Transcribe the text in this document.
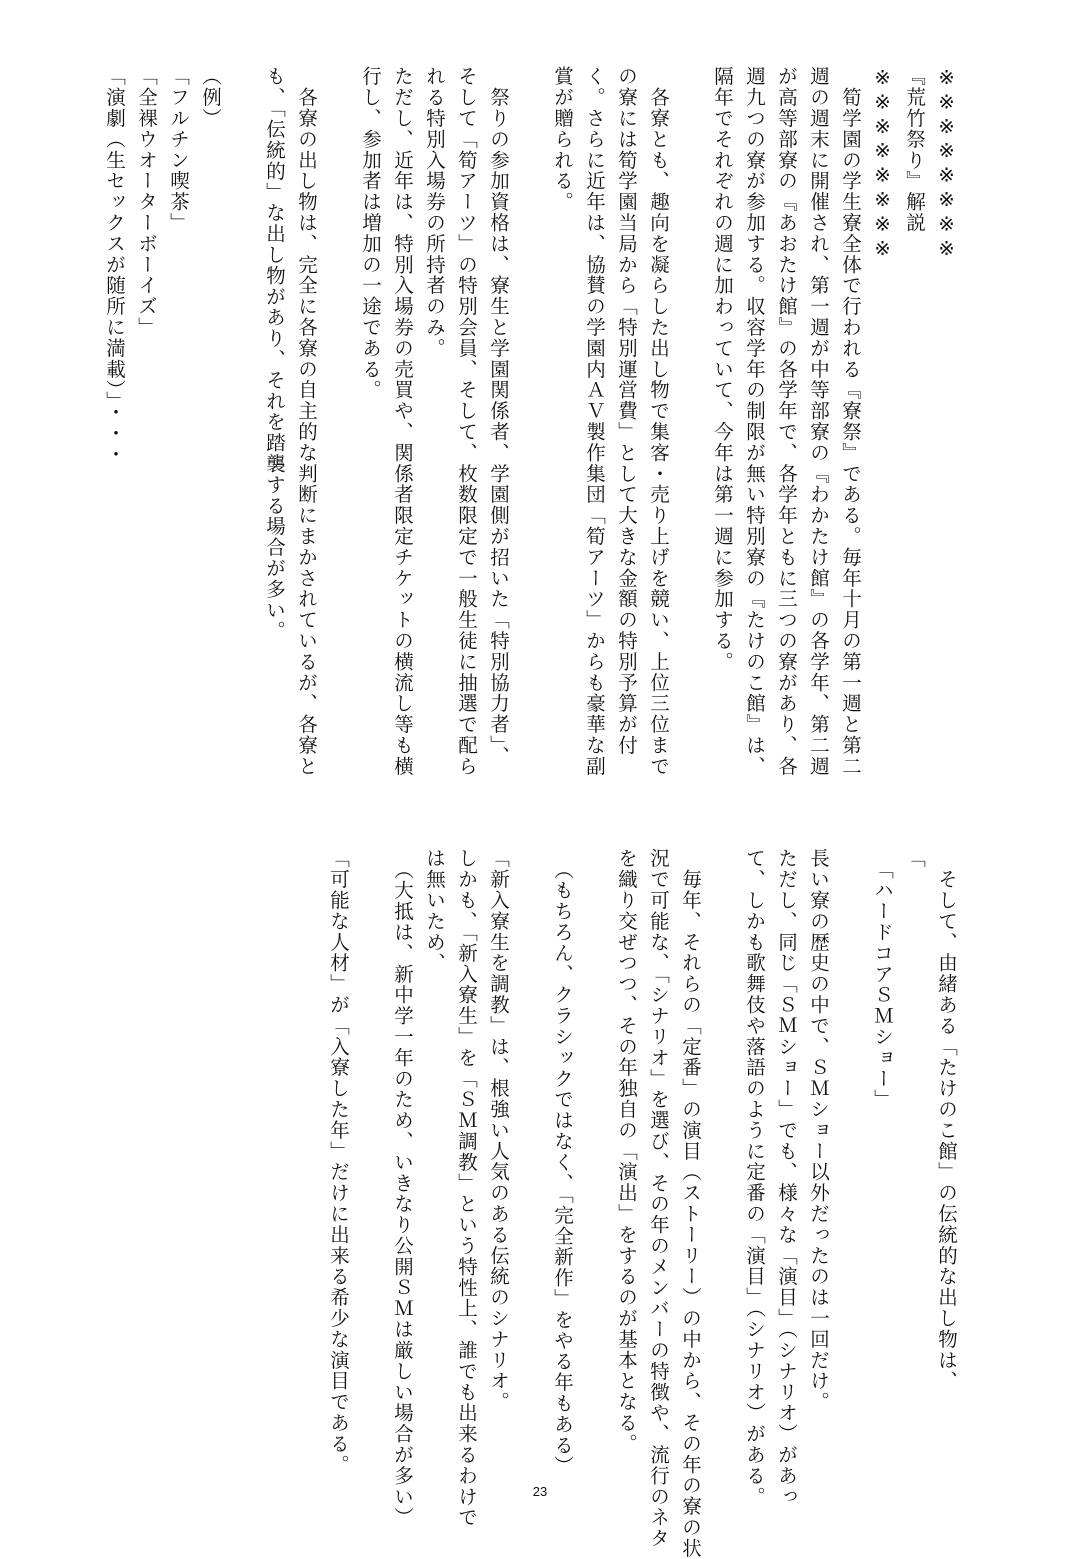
※※※※※※※※
『荒竹祭り』解説
※※※※※※※※
　筍学園の学生寮全体で行われる『寮祭』である。毎年十月の第一週と第二
週の週末に開催され、第一週が中等部寮の『わかたけ館』の各学年、第二週
が高等部寮の『あおたけ館』の各学年で、各学年ともに三つの寮があり、各
週九つの寮が参加する。収容学年の制限が無い特別寮の『たけのこ館』は、
隔年でそれぞれの週に加わっていて、今年は第一週に参加する。
　各寮とも、趣向を凝らした出し物で集客・売り上げを競い、上位三位まで
の寮には筍学園当局から「特別運営費」として大きな金額の特別予算が付
く。さらに近年は、協賛の学園内ＡＶ製作集団「筍アーツ」からも豪華な副
賞が贈られる。
　祭りの参加資格は、寮生と学園関係者、学園側が招いた「特別協力者」、
そして「筍アーツ」の特別会員、そして、枚数限定で一般生徒に抽選で配ら
れる特別入場券の所持者のみ。
ただし、近年は、特別入場券の売買や、関係者限定チケットの横流し等も横
行し、参加者は増加の一途である。
　各寮の出し物は、完全に各寮の自主的な判断にまかされているが、各寮と
も、「伝統的」な出し物があり、それを踏襲する場合が多い。
（例）
「フルチン喫茶」
「全裸ウオーターボーイズ」
「演劇（生セックスが随所に満載）」・・・
　そして、由緒ある「たけのこ館」の伝統的な出し物は、
「
　「ハードコアＳＭショー」
長い寮の歴史の中で、ＳＭショー以外だったのは一回だけ。
ただし、同じ「ＳＭショー」でも、様々な「演目」（シナリオ）があっ
て、しかも歌舞伎や落語のように定番の「演目」（シナリオ）がある。
　毎年、それらの「定番」の演目（ストーリー）の中から、その年の寮の状
況で可能な、「シナリオ」を選び、その年のメンバーの特徴や、流行のネタ
を織り交ぜつつ、その年独自の「演出」をするのが基本となる。
　（もちろん、クラシックではなく、「完全新作」をやる年もある）
「新入寮生を調教」は、根強い人気のある伝統のシナリオ。
しかも、「新入寮生」を「ＳＭ調教」という特性上、誰でも出来るわけで
は無いため、
　（大抵は、新中学一年のため、いきなり公開ＳＭは厳しい場合が多い）
「可能な人材」が「入寮した年」だけに出来る希少な演目である。
23
